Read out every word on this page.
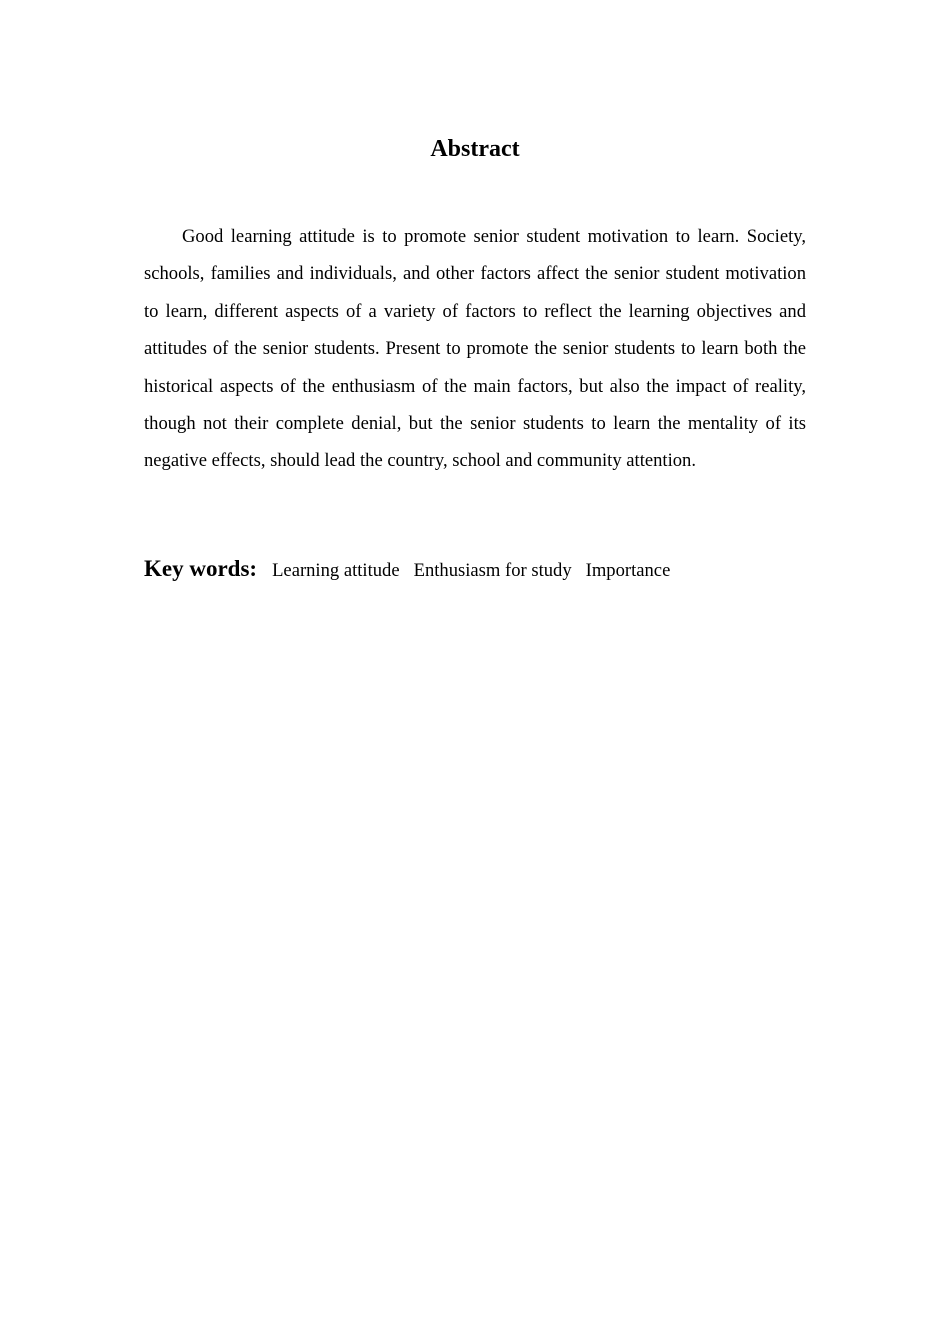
Abstract

Good learning attitude is to promote senior student motivation to learn. Society, schools, families and individuals, and other factors affect the senior student motivation to learn, different aspects of a variety of factors to reflect the learning objectives and attitudes of the senior students. Present to promote the senior students to learn both the historical aspects of the enthusiasm of the main factors, but also the impact of reality, though not their complete denial, but the senior students to learn the mentality of its negative effects, should lead the country, school and community attention.

Key words: Learning attitude Enthusiasm for study Importance
